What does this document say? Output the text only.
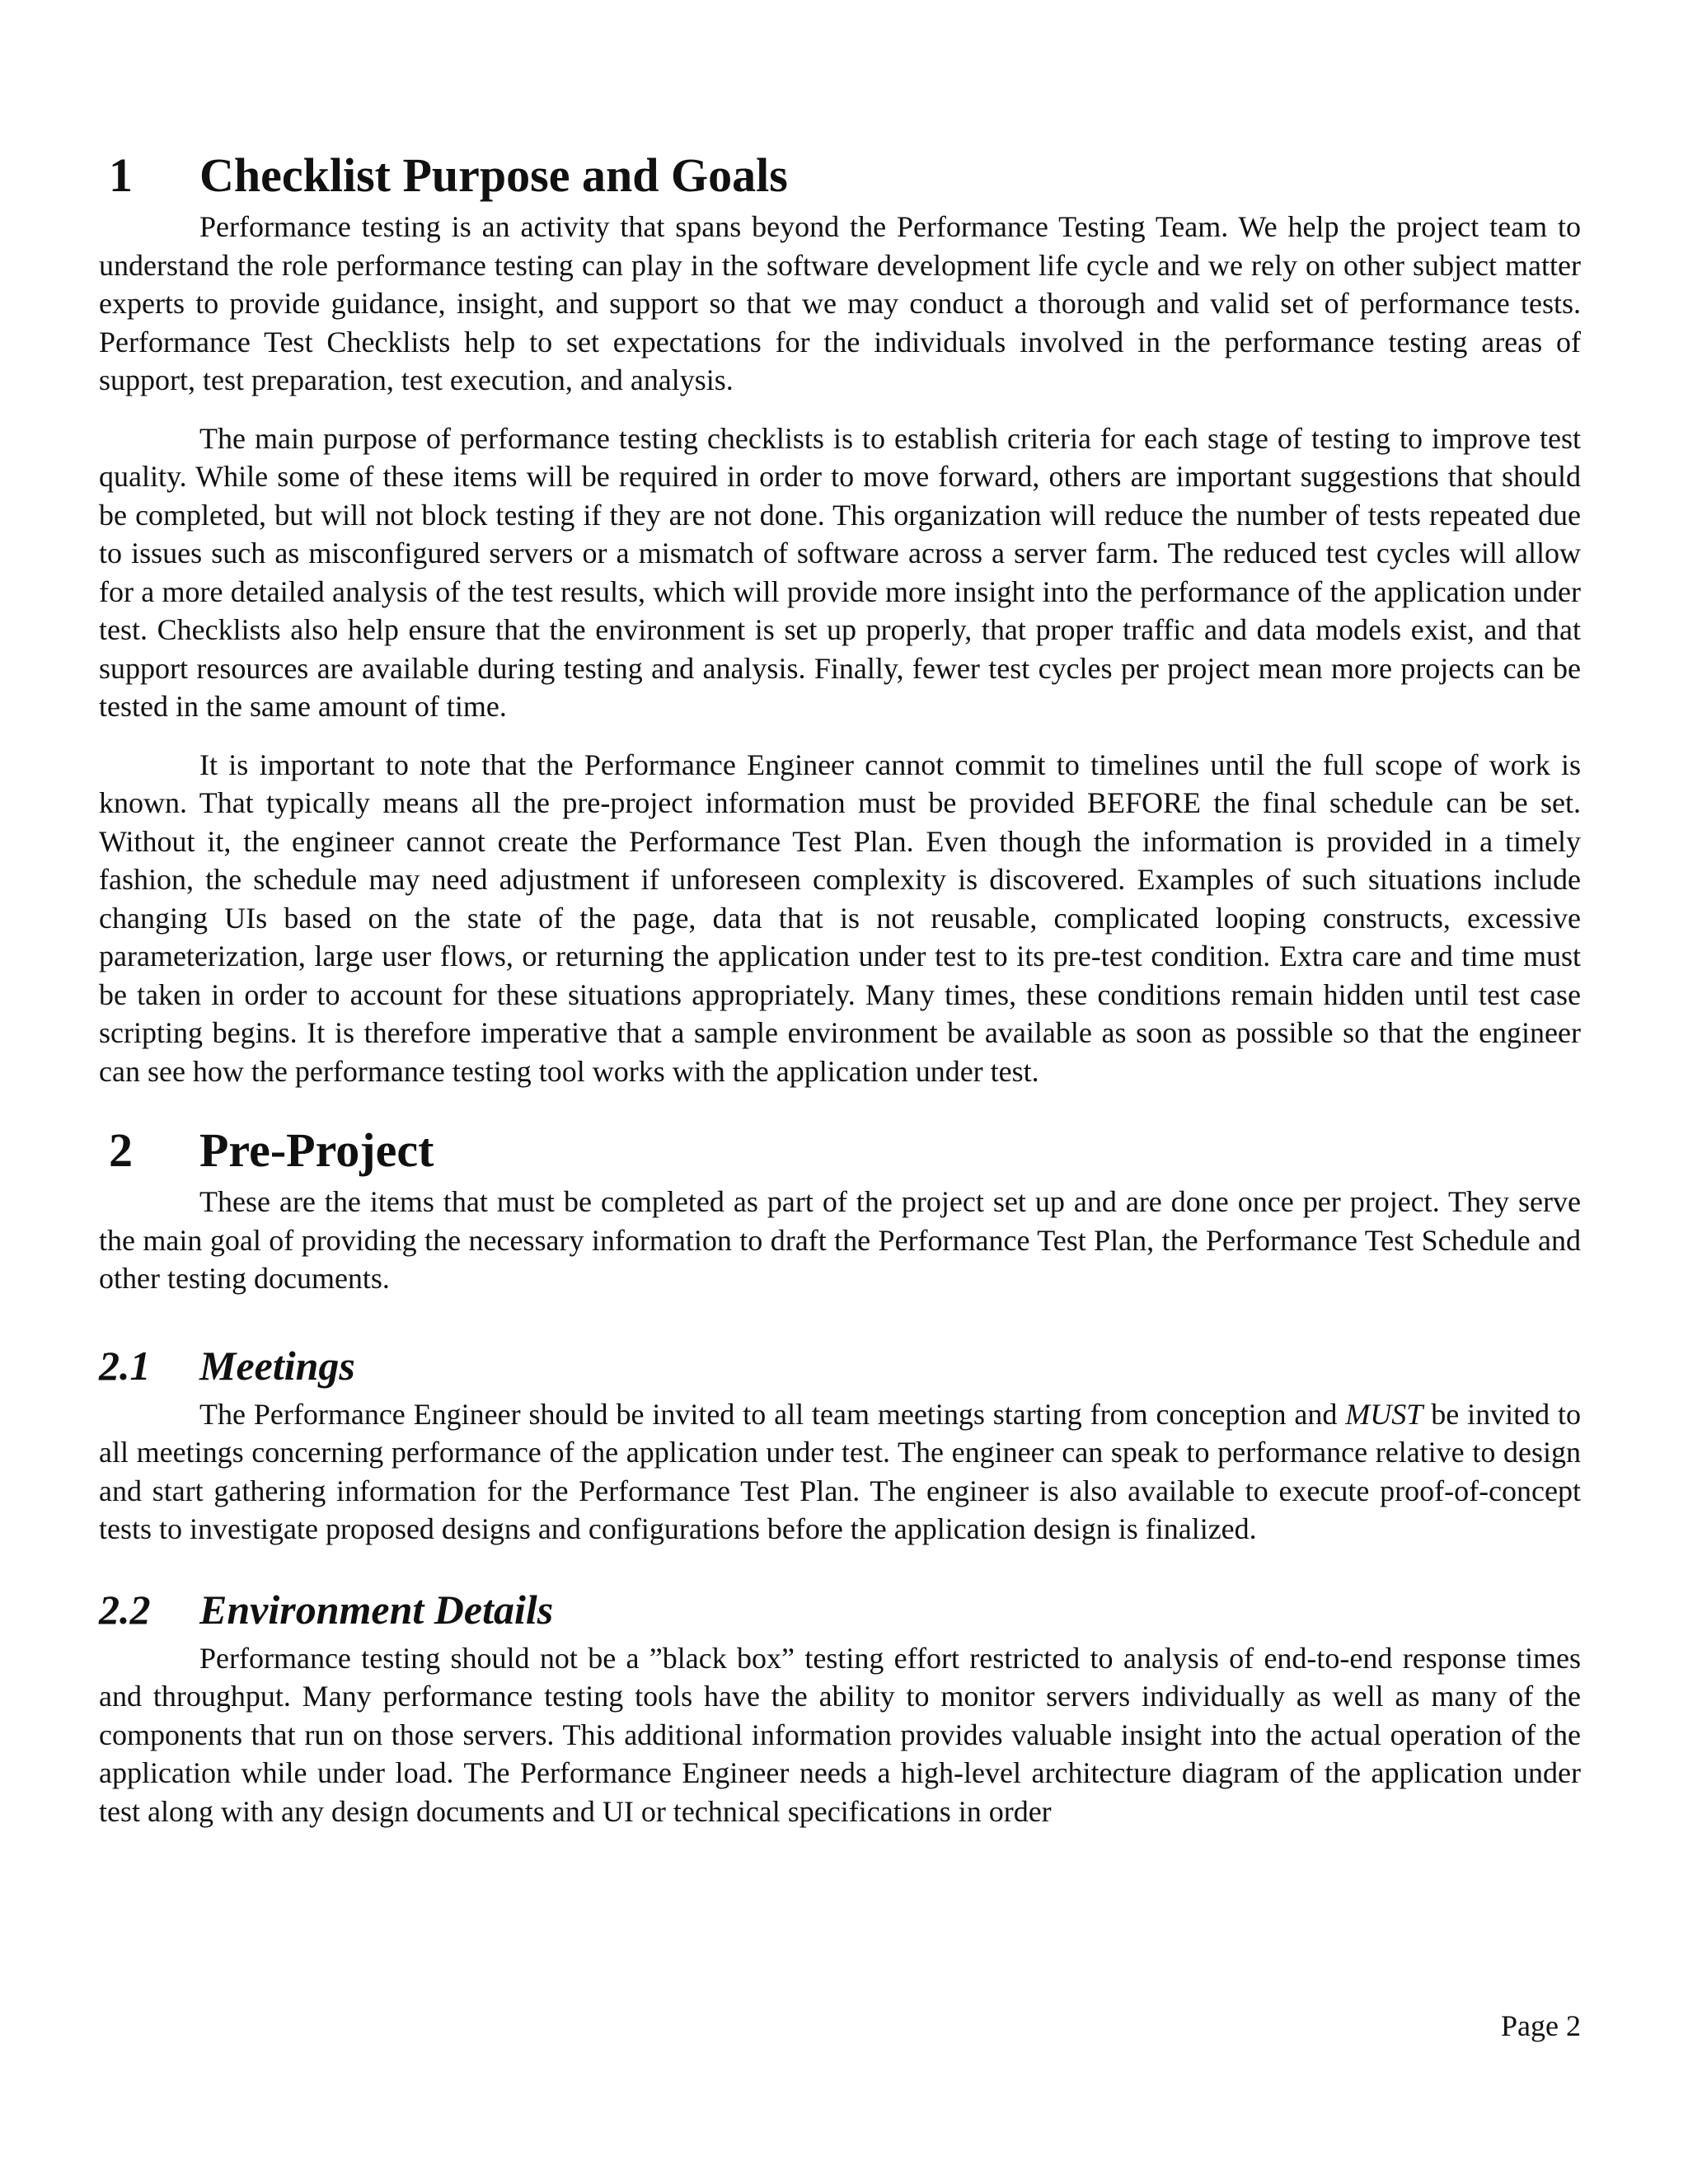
1	Checklist Purpose and Goals

Performance testing is an activity that spans beyond the Performance Testing Team. We help the project team to understand the role performance testing can play in the software development life cycle and we rely on other subject matter experts to provide guidance, insight, and support so that we may conduct a thorough and valid set of performance tests. Performance Test Checklists help to set expectations for the individuals involved in the performance testing areas of support, test preparation, test execution, and analysis.

The main purpose of performance testing checklists is to establish criteria for each stage of testing to improve test quality. While some of these items will be required in order to move forward, others are important suggestions that should be completed, but will not block testing if they are not done. This organization will reduce the number of tests repeated due to issues such as misconfigured servers or a mismatch of software across a server farm. The reduced test cycles will allow for a more detailed analysis of the test results, which will provide more insight into the performance of the application under test. Checklists also help ensure that the environment is set up properly, that proper traffic and data models exist, and that support resources are available during testing and analysis. Finally, fewer test cycles per project mean more projects can be tested in the same amount of time.

It is important to note that the Performance Engineer cannot commit to timelines until the full scope of work is known. That typically means all the pre-project information must be provided BEFORE the final schedule can be set. Without it, the engineer cannot create the Performance Test Plan. Even though the information is provided in a timely fashion, the schedule may need adjustment if unforeseen complexity is discovered. Examples of such situations include changing UIs based on the state of the page, data that is not reusable, complicated looping constructs, excessive parameterization, large user flows, or returning the application under test to its pre-test condition. Extra care and time must be taken in order to account for these situations appropriately. Many times, these conditions remain hidden until test case scripting begins. It is therefore imperative that a sample environment be available as soon as possible so that the engineer can see how the performance testing tool works with the application under test.

2	Pre-Project

These are the items that must be completed as part of the project set up and are done once per project. They serve the main goal of providing the necessary information to draft the Performance Test Plan, the Performance Test Schedule and other testing documents.

2.1	Meetings

The Performance Engineer should be invited to all team meetings starting from conception and MUST be invited to all meetings concerning performance of the application under test. The engineer can speak to performance relative to design and start gathering information for the Performance Test Plan. The engineer is also available to execute proof-of-concept tests to investigate proposed designs and configurations before the application design is finalized.

2.2	Environment Details

Performance testing should not be a ”black box” testing effort restricted to analysis of end-to-end response times and throughput. Many performance testing tools have the ability to monitor servers individually as well as many of the components that run on those servers. This additional information provides valuable insight into the actual operation of the application while under load. The Performance Engineer needs a high-level architecture diagram of the application under test along with any design documents and UI or technical specifications in order

Page 2
